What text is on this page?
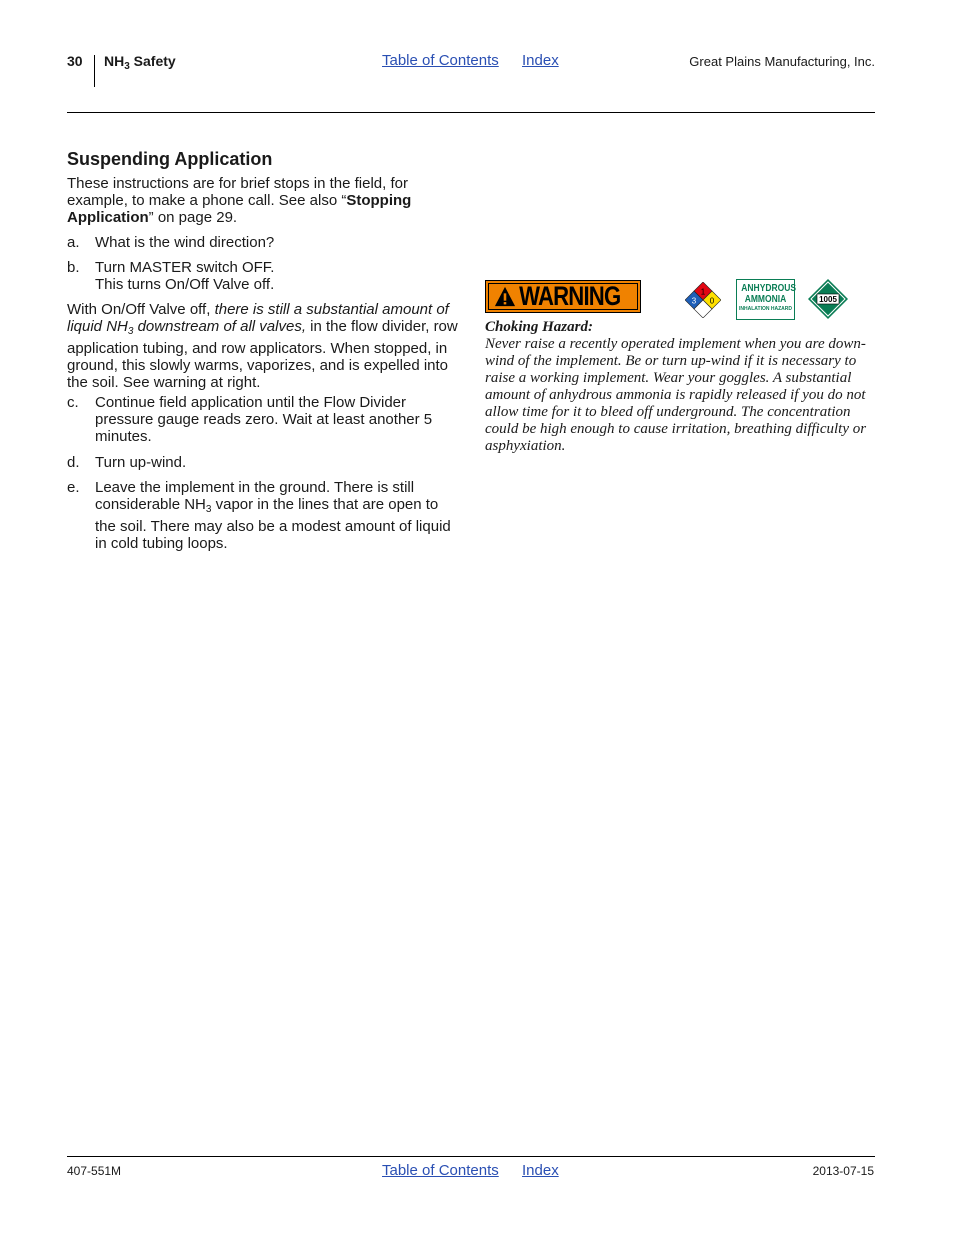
30 $NH_3$ Safety	Table of Contents Index	Great Plains Manufacturing, Inc.
Suspending Application
These instructions are for brief stops in the field, for example, to make a phone call. See also “Stopping Application” on page 29.
a. What is the wind direction?
b. Turn MASTER switch OFF.
This turns On/Off Valve off.
With On/Off Valve off, there is still a substantial amount of liquid $NH_3$ downstream of all valves, in the flow divider, row application tubing, and row applicators. When stopped, in ground, this slowly warms, vaporizes, and is expelled into the soil. See warning at right.
c. Continue field application until the Flow Divider pressure gauge reads zero. Wait at least another 5 minutes.
d. Turn up-wind.
e. Leave the implement in the ground. There is still considerable $NH_3$ vapor in the lines that are open to the soil. There may also be a modest amount of liquid in cold tubing loops.
WARNING	1
3 0
ANHYDROUS
AMMONIA
INHALATION HAZARD
1005
Choking Hazard:
Never raise a recently operated implement when you are down-wind of the implement. Be or turn up-wind if it is necessary to raise a working implement. Wear your goggles. A substantial amount of anhydrous ammonia is rapidly released if you do not allow time for it to bleed off underground. The concentration could be high enough to cause irritation, breathing difficulty or asphyxiation.
407-551M	Table of Contents Index	2013-07-15
